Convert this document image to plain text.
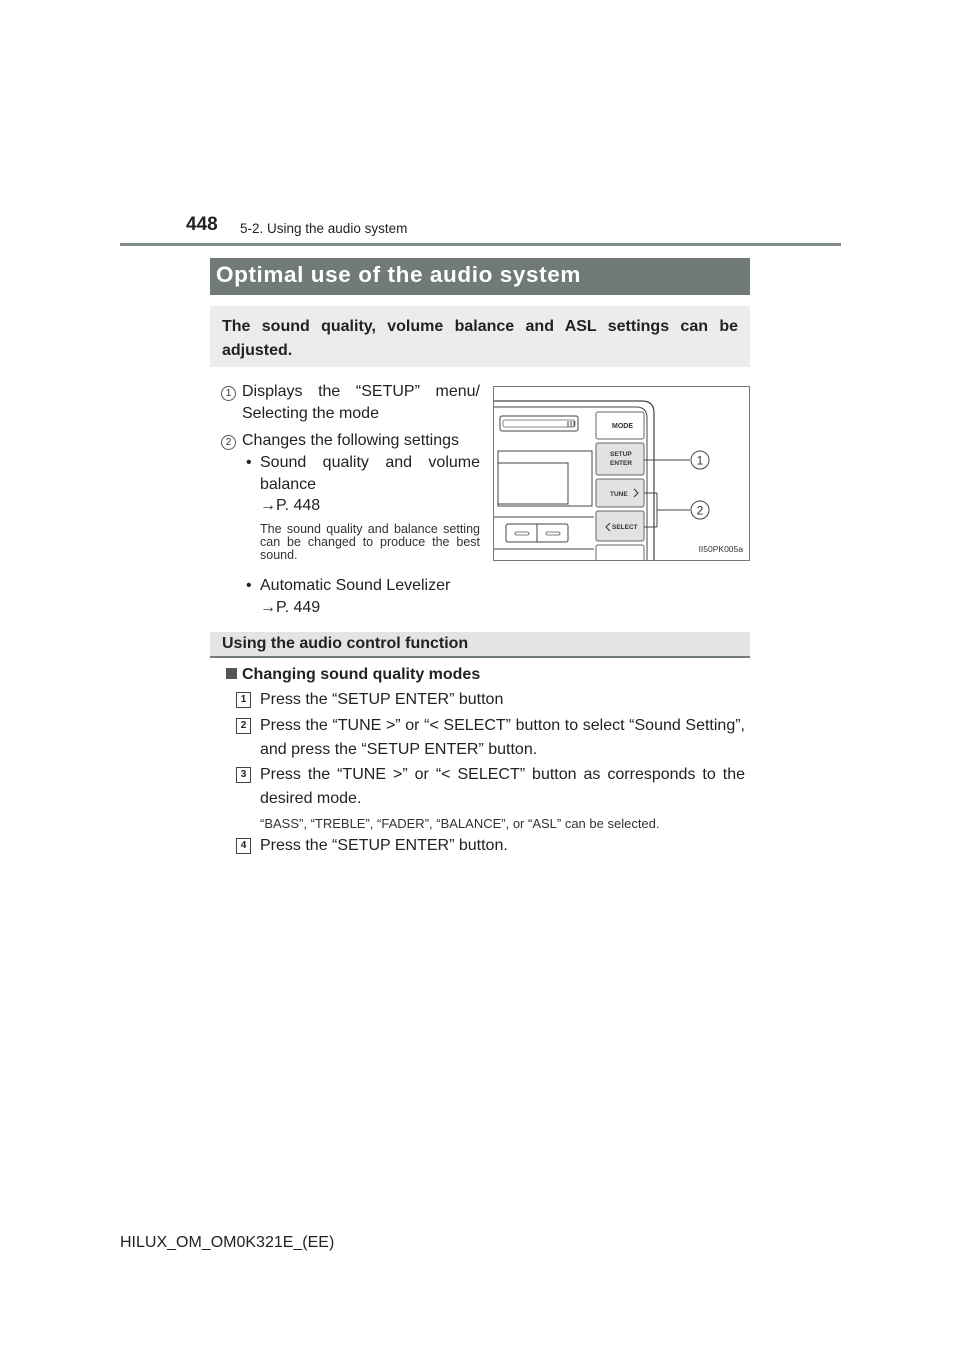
448 5-2. Using the audio system
Optimal use of the audio system

The sound quality, volume balance and ASL settings can be adjusted.

1 Displays the “SETUP” menu/ Selecting the mode
2 Changes the following settings
• Sound quality and volume balance
→P. 448
The sound quality and balance setting can be changed to produce the best sound.
• Automatic Sound Levelizer
→P. 449
MODE
SETUP
ENTER
TUNE
SELECT
1
2
II50PK005a
Using the audio control function
Changing sound quality modes
1 Press the “SETUP ENTER” button
2 Press the “TUNE >” or “< SELECT” button to select “Sound Setting”, and press the “SETUP ENTER” button.
3 Press the “TUNE >” or “< SELECT” button as corresponds to the desired mode.
“BASS”, “TREBLE”, “FADER”, “BALANCE”, or “ASL” can be selected.
4 Press the “SETUP ENTER” button.
HILUX_OM_OM0K321E_(EE)
